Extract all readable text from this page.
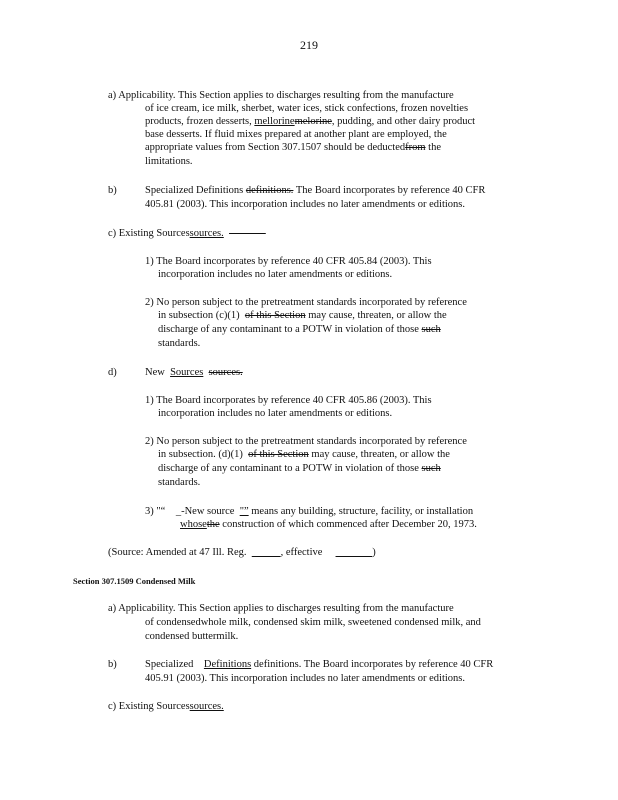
219
a) Applicability. This Section applies to discharges resulting from the manufacture
of ice cream, ice milk, sherbet, water ices, stick confections, frozen novelties
products, frozen desserts, mellorinemelorine, pudding, and other dairy product
base desserts. If fluid mixes prepared at another plant are employed, the
appropriate values from Section 307.1507 should be deductedfrom the
limitations.
b)	Specialized Definitions definitions. The Board incorporates by reference 40 CFR
405.81 (2003). This incorporation includes no later amendments or editions.
c) Existing Sourcessources.
1) The Board incorporates by reference 40 CFR 405.84 (2003). This
incorporation includes no later amendments or editions.
2) No person subject to the pretreatment standards incorporated by reference
in subsection (c)(1) of this Section may cause, threaten, or allow the
discharge of any contaminant to a POTW in violation of those such
standards.
d)	New Sources sources.
1) The Board incorporates by reference 40 CFR 405.86 (2003). This
incorporation includes no later amendments or editions.
2) No person subject to the pretreatment standards incorporated by reference
in subsection. (d)(1) of this Section may cause, threaten, or allow the
discharge of any contaminant to a POTW in violation of those such
standards.
3) "“ _-New source "” means any building, structure, facility, or installation
whosethe construction of which commenced after December 20, 1973.
(Source: Amended at 47 Ill. Reg.	, effective	)
Section 307.1509 Condensed Milk
a) Applicability. This Section applies to discharges resulting from the manufacture
of condensedwhole milk, condensed skim milk, sweetened condensed milk, and
condensed buttermilk.
b)	Specialized Definitions definitions. The Board incorporates by reference 40 CFR
405.91 (2003). This incorporation includes no later amendments or editions.
c) Existing Sourcessources.
